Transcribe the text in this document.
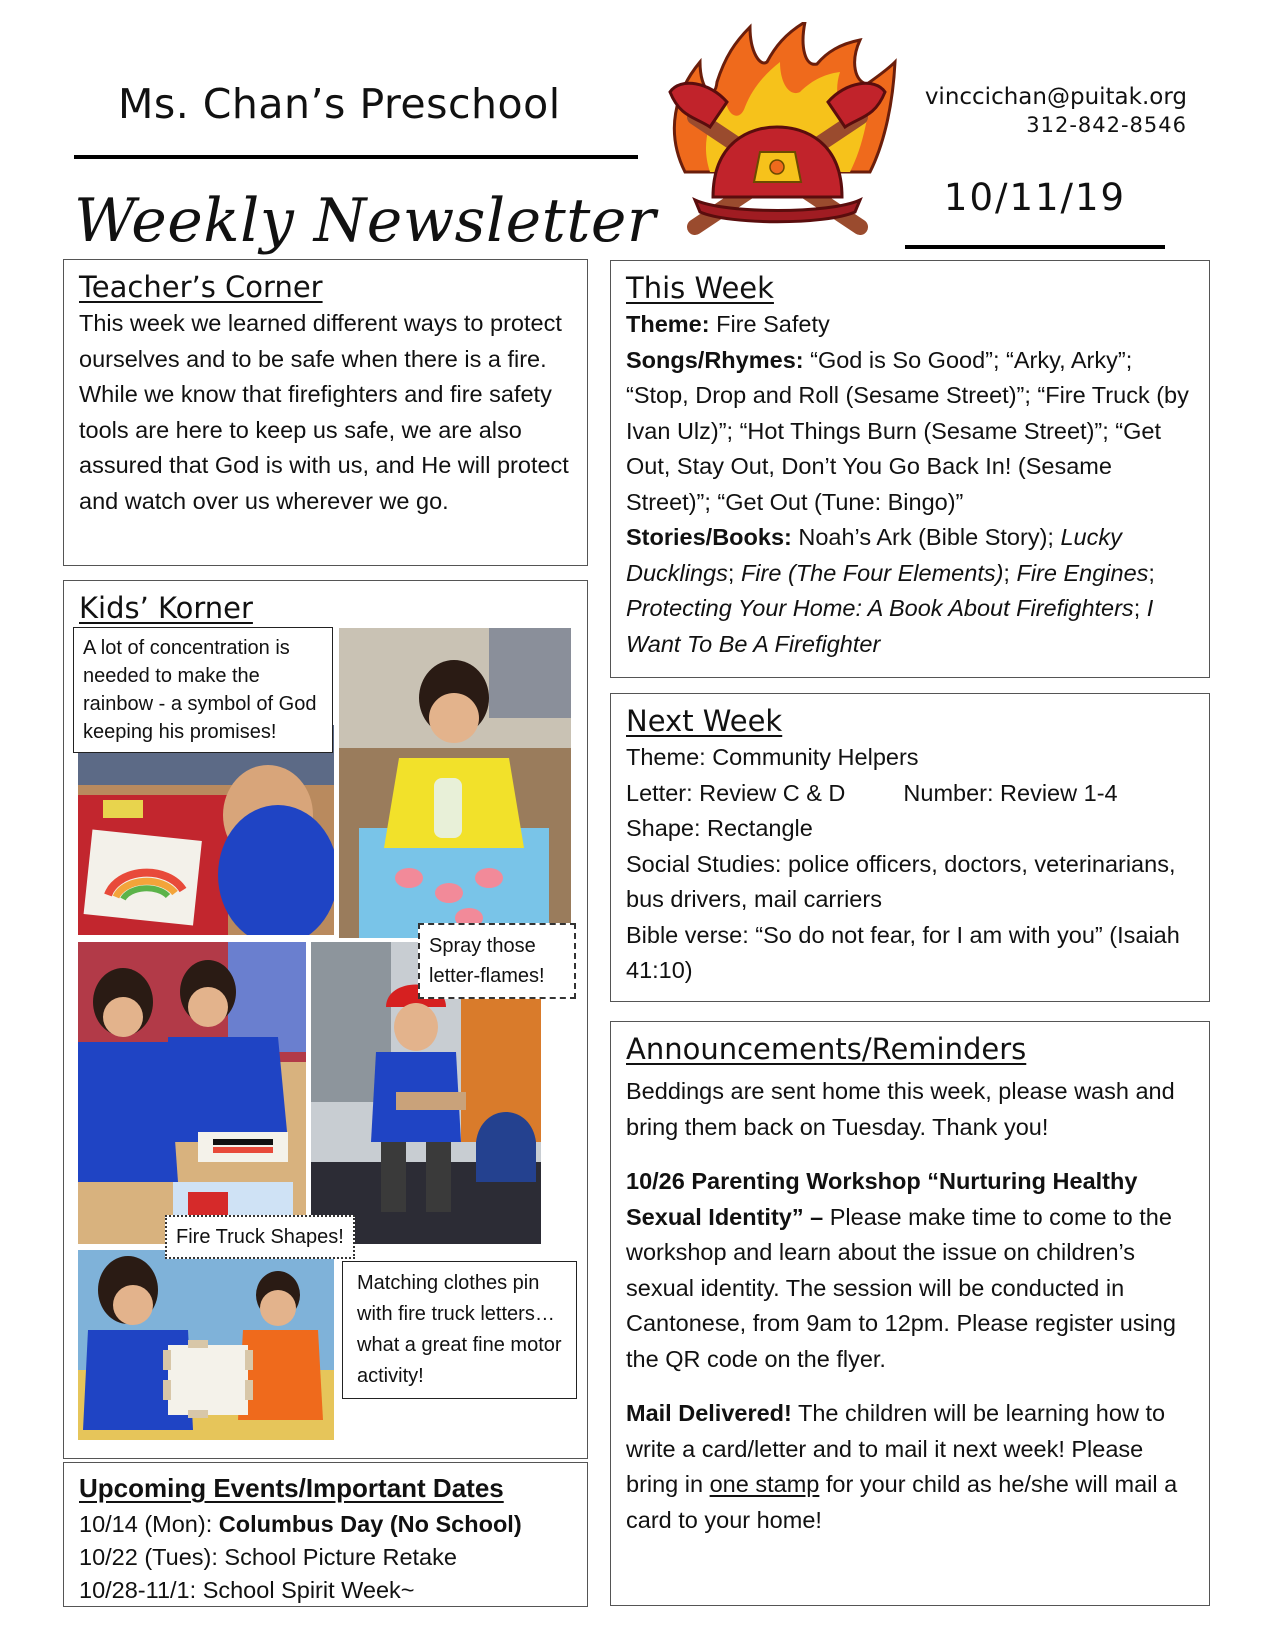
Ms. Chan’s Preschool
Weekly Newsletter
vinccichan@puitak.org
312-842-8546
10/11/19
Teacher’s Corner
This week we learned different ways to protect ourselves and to be safe when there is a fire. While we know that firefighters and fire safety tools are here to keep us safe, we are also assured that God is with us, and He will protect and watch over us wherever we go.
Kids’ Korner
A lot of concentration is needed to make the rainbow - a symbol of God keeping his promises!
Spray those letter-flames!
Fire Truck Shapes!
Matching clothes pin with fire truck letters… what a great fine motor activity!
Upcoming Events/Important Dates
10/14 (Mon): Columbus Day (No School)
10/22 (Tues): School Picture Retake
10/28-11/1: School Spirit Week~
This Week
Theme: Fire Safety
Songs/Rhymes: “God is So Good”; “Arky, Arky”; “Stop, Drop and Roll (Sesame Street)”; “Fire Truck (by Ivan Ulz)”; “Hot Things Burn (Sesame Street)”; “Get Out, Stay Out, Don’t You Go Back In! (Sesame Street)”; “Get Out (Tune: Bingo)”
Stories/Books: Noah’s Ark (Bible Story); Lucky Ducklings; Fire (The Four Elements); Fire Engines; Protecting Your Home: A Book About Firefighters; I Want To Be A Firefighter
Next Week
Theme: Community Helpers
Letter: Review C & D Number: Review 1-4
Shape: Rectangle
Social Studies: police officers, doctors, veterinarians, bus drivers, mail carriers
Bible verse: “So do not fear, for I am with you” (Isaiah 41:10)
Announcements/Reminders
Beddings are sent home this week, please wash and bring them back on Tuesday. Thank you!
10/26 Parenting Workshop “Nurturing Healthy Sexual Identity” – Please make time to come to the workshop and learn about the issue on children’s sexual identity. The session will be conducted in Cantonese, from 9am to 12pm. Please register using the QR code on the flyer.
Mail Delivered! The children will be learning how to write a card/letter and to mail it next week! Please bring in one stamp for your child as he/she will mail a card to your home!
